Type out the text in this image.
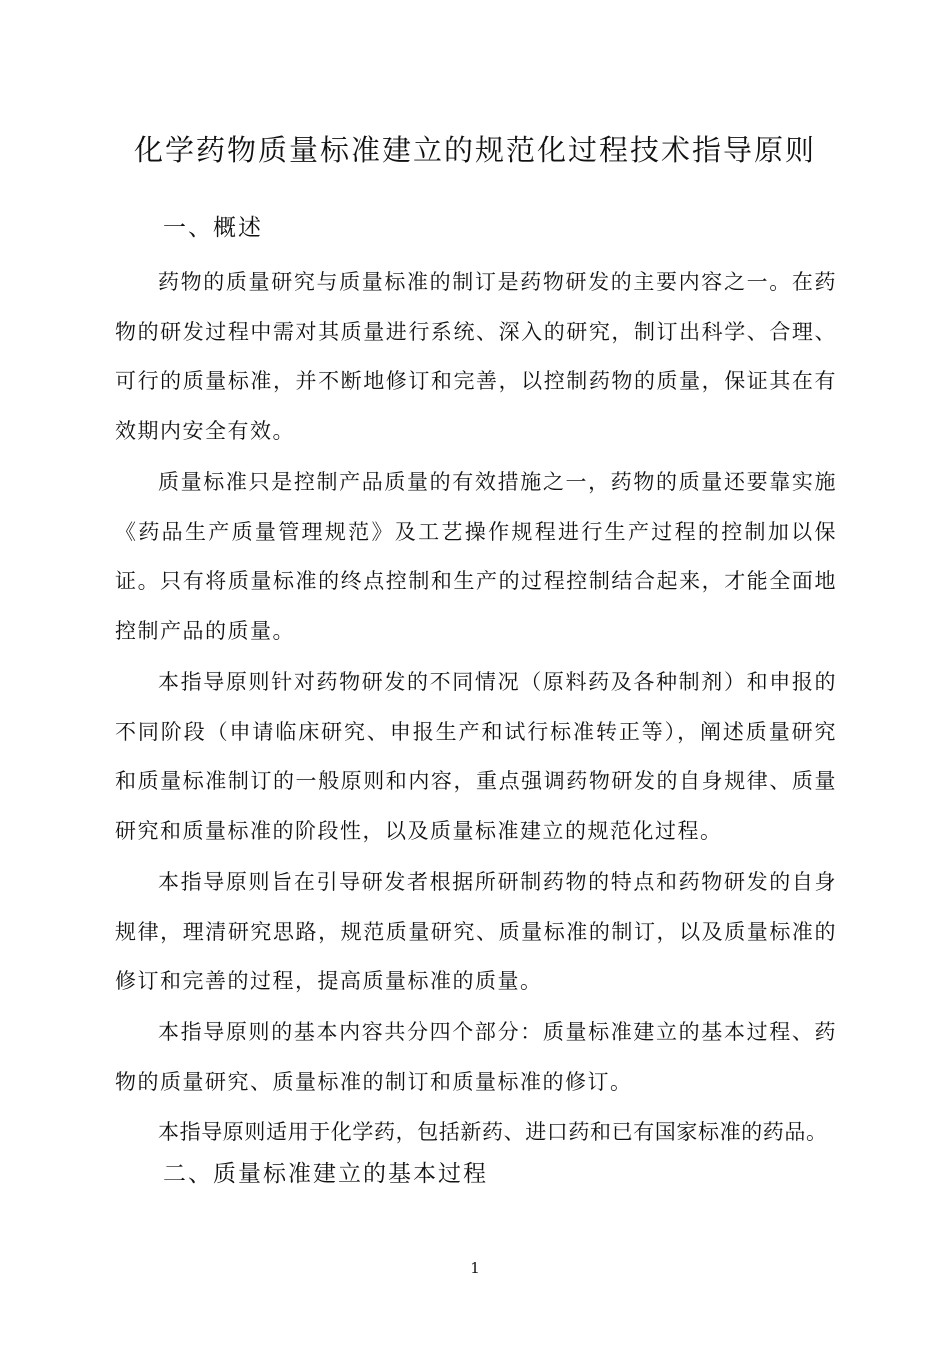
化学药物质量标准建立的规范化过程技术指导原则
一、概述

药物的质量研究与质量标准的制订是药物研发的主要内容之一。在药物的研发过程中需对其质量进行系统、深入的研究，制订出科学、合理、可行的质量标准，并不断地修订和完善，以控制药物的质量，保证其在有效期内安全有效。

质量标准只是控制产品质量的有效措施之一，药物的质量还要靠实施《药品生产质量管理规范》及工艺操作规程进行生产过程的控制加以保证。只有将质量标准的终点控制和生产的过程控制结合起来，才能全面地控制产品的质量。

本指导原则针对药物研发的不同情况（原料药及各种制剂）和申报的不同阶段（申请临床研究、申报生产和试行标准转正等），阐述质量研究和质量标准制订的一般原则和内容，重点强调药物研发的自身规律、质量研究和质量标准的阶段性，以及质量标准建立的规范化过程。

本指导原则旨在引导研发者根据所研制药物的特点和药物研发的自身规律，理清研究思路，规范质量研究、质量标准的制订，以及质量标准的修订和完善的过程，提高质量标准的质量。

本指导原则的基本内容共分四个部分：质量标准建立的基本过程、药物的质量研究、质量标准的制订和质量标准的修订。

本指导原则适用于化学药，包括新药、进口药和已有国家标准的药品。

二、质量标准建立的基本过程
1
